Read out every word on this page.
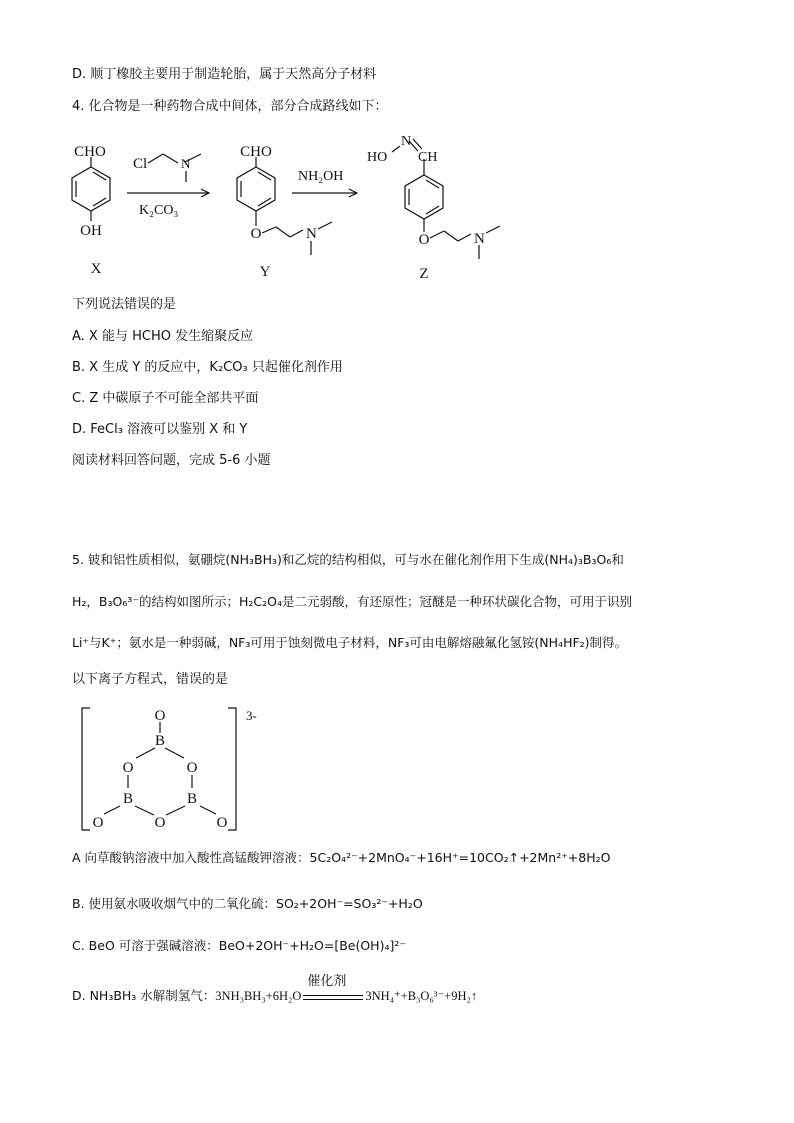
D. 顺丁橡胶主要用于制造轮胎，属于天然高分子材料
4. 化合物是一种药物合成中间体，部分合成路线如下：
CHO
OH
X
Cl	N
K₂CO₃
CHO
O	N
Y
NH₂OH
N
HO CH
O	N
Z
下列说法错误的是
A. X 能与 HCHO 发生缩聚反应
B. X 生成 Y 的反应中，K₂CO₃ 只起催化剂作用
C. Z 中碳原子不可能全部共平面
D. FeCl₃ 溶液可以鉴别 X 和 Y
阅读材料回答问题，完成 5-6 小题
5. 铍和铝性质相似，氨硼烷(NH₃BH₃)和乙烷的结构相似，可与水在催化剂作用下生成(NH₄)₃B₃O₆和
H₂，B₃O₆³⁻的结构如图所示；H₂C₂O₄是二元弱酸，有还原性；冠醚是一种环状碳化合物，可用于识别
Li⁺与K⁺；氨水是一种弱碱，NF₃可用于蚀刻微电子材料，NF₃可由电解熔融氟化氢铵(NH₄HF₂)制得。
以下离子方程式，错误的是
O
B
O	O
B	B
O
O	O
3-
A 向草酸钠溶液中加入酸性高锰酸钾溶液：5C₂O₄²⁻+2MnO₄⁻+16H⁺=10CO₂↑+2Mn²⁺+8H₂O
B. 使用氨水吸收烟气中的二氧化硫：SO₂+2OH⁻=SO₃²⁻+H₂O
C. BeO 可溶于强碱溶液：BeO+2OH⁻+H₂O=[Be(OH)₄]²⁻
D. NH₃BH₃ 水解制氢气：3NH₃BH₃+6H₂O
催化剂
3NH₄⁺+B₃O₆³⁻+9H₂↑
